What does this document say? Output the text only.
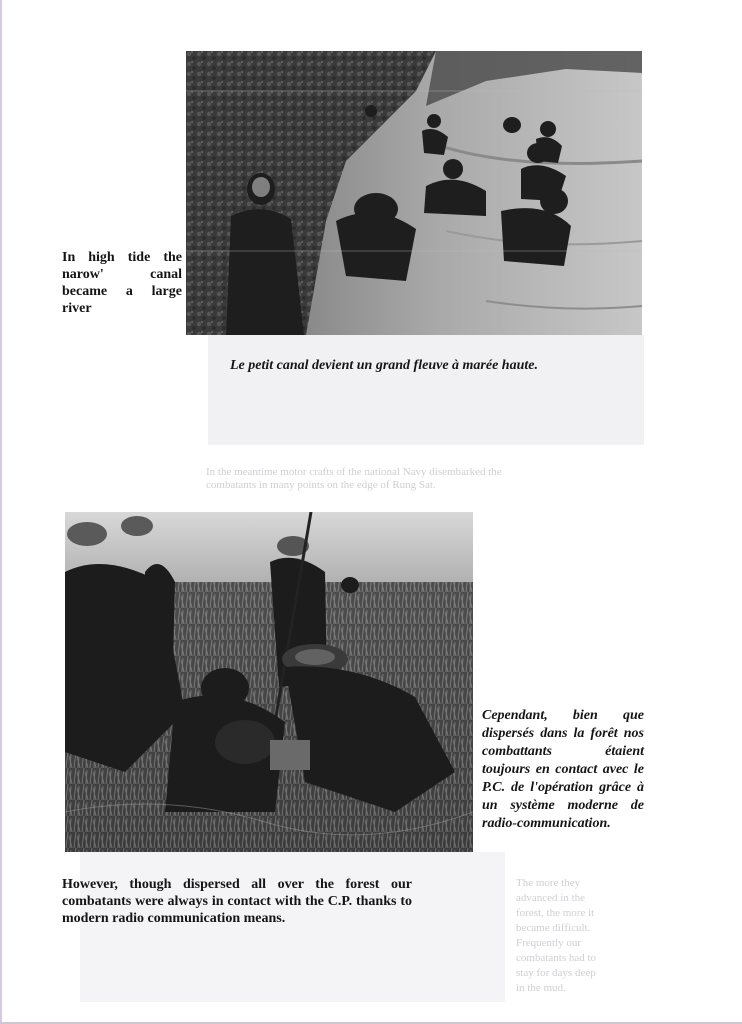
In the meantime motor crafts of the national Navy disembarked the combatants in many points on the edge of Rung Sat.
The more they advanced in the forest, the more it became difficult. Frequently our combatants had to stay for days deep in the mud.
In high tide the narow' canal became a large river
Le petit canal devient un grand fleuve à marée haute.
Cependant, bien que dispersés dans la forêt nos combattants étaient toujours en contact avec le P.C. de l'opération grâce à un système moderne de radio-communication.
However, though dispersed all over the forest our combatants were always in contact with the C.P. thanks to modern radio communication means.
